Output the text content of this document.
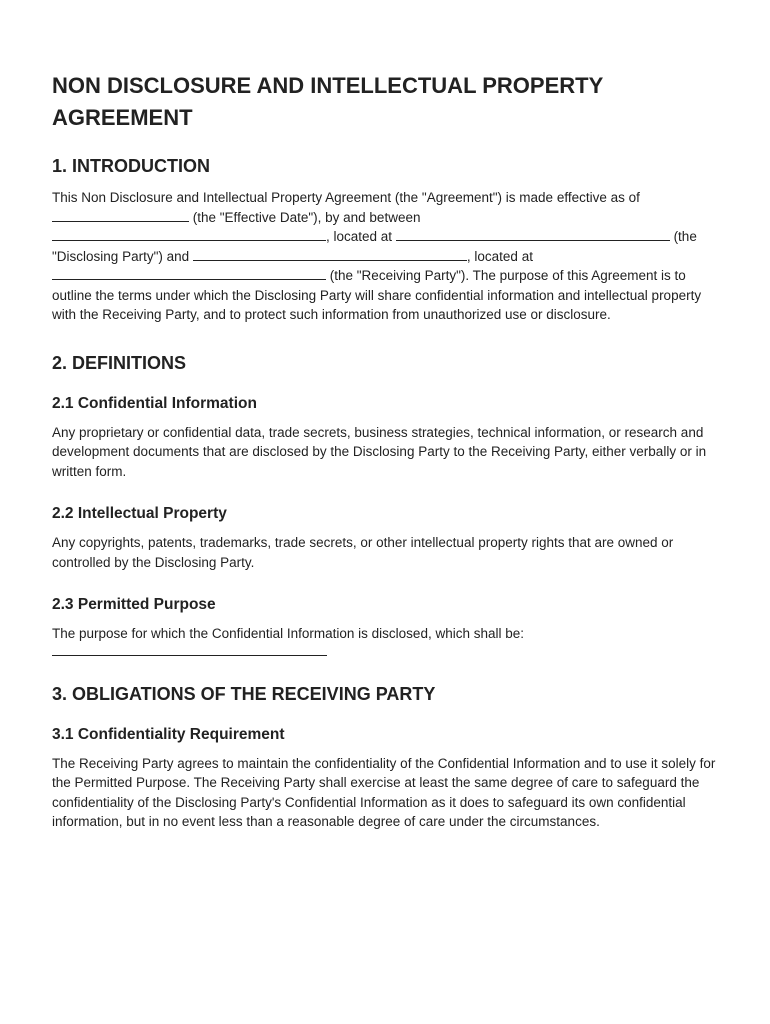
NON DISCLOSURE AND INTELLECTUAL PROPERTY AGREEMENT
1. INTRODUCTION

This Non Disclosure and Intellectual Property Agreement (the "Agreement") is made effective as of  (the "Effective Date"), by and between
, located at	(the "Disclosing Party") and	, located at
(the "Receiving Party"). The purpose of this Agreement is to outline the terms under which the Disclosing Party will share confidential information and intellectual property with the Receiving Party, and to protect such information from unauthorized use or disclosure.

2. DEFINITIONS
2.1 Confidential Information

Any proprietary or confidential data, trade secrets, business strategies, technical information, or research and development documents that are disclosed by the Disclosing Party to the Receiving Party, either verbally or in written form.

2.2 Intellectual Property

Any copyrights, patents, trademarks, trade secrets, or other intellectual property rights that are owned or controlled by the Disclosing Party.

2.3 Permitted Purpose

The purpose for which the Confidential Information is disclosed, which shall be:

3. OBLIGATIONS OF THE RECEIVING PARTY
3.1 Confidentiality Requirement

The Receiving Party agrees to maintain the confidentiality of the Confidential Information and to use it solely for the Permitted Purpose. The Receiving Party shall exercise at least the same degree of care to safeguard the confidentiality of the Disclosing Party's Confidential Information as it does to safeguard its own confidential information, but in no event less than a reasonable degree of care under the circumstances.
